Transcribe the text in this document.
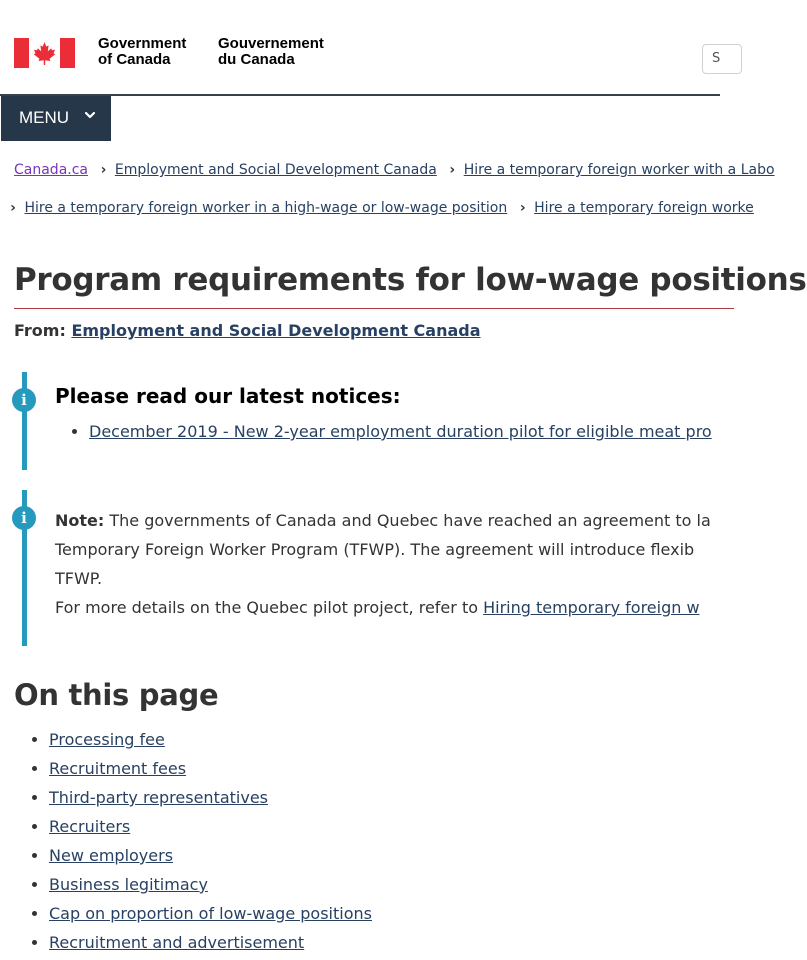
Government
of Canada
Gouvernement
du Canada	S
MENU
Canada.ca › Employment and Social Development Canada › Hire a temporary foreign worker with a Labo
› Hire a temporary foreign worker in a high-wage or low-wage position › Hire a temporary foreign worke
Program requirements for low-wage positions
From: Employment and Social Development Canada
i	Please read our latest notices:
• December 2019 - New 2-year employment duration pilot for eligible meat pro
i	Note: The governments of Canada and Quebec have reached an agreement to la
Temporary Foreign Worker Program (TFWP). The agreement will introduce flexib
TFWP.

For more details on the Quebec pilot project, refer to Hiring temporary foreign w

On this page
• Processing fee
• Recruitment fees
• Third-party representatives
• Recruiters
• New employers
• Business legitimacy
• Cap on proportion of low-wage positions
• Recruitment and advertisement
